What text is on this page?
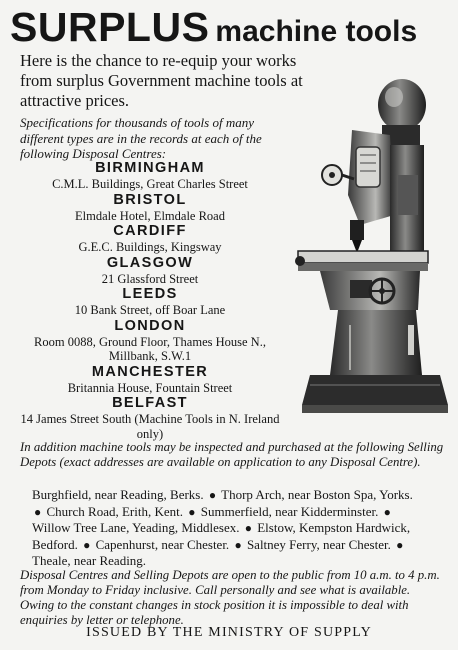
SURPLUS machine tools

Here is the chance to re-equip your works from surplus Government machine tools at attractive prices.

Specifications for thousands of tools of many different types are in the records at each of the following Disposal Centres:

BIRMINGHAM
C.M.L. Buildings, Great Charles Street
BRISTOL
Elmdale Hotel, Elmdale Road
CARDIFF
G.E.C. Buildings, Kingsway
GLASGOW
21 Glassford Street
LEEDS
10 Bank Street, off Boar Lane
LONDON
Room 0088, Ground Floor, Thames House N., Millbank, S.W.1
MANCHESTER
Britannia House, Fountain Street
BELFAST
14 James Street South (Machine Tools in N. Ireland only)

In addition machine tools may be inspected and purchased at the following Selling Depots (exact addresses are available on application to any Disposal Centre).

Burghfield, near Reading, Berks. ● Thorp Arch, near Boston Spa, Yorks. ● Church Road, Erith, Kent. ● Summerfield, near Kidderminster. ● Willow Tree Lane, Yeading, Middlesex. ● Elstow, Kempston Hardwick, Bedford. ● Capenhurst, near Chester. ● Saltney Ferry, near Chester. ● Theale, near Reading.

Disposal Centres and Selling Depots are open to the public from 10 a.m. to 4 p.m. from Monday to Friday inclusive. Call personally and see what is available. Owing to the constant changes in stock position it is impossible to deal with enquiries by letter or telephone.

ISSUED BY THE MINISTRY OF SUPPLY
